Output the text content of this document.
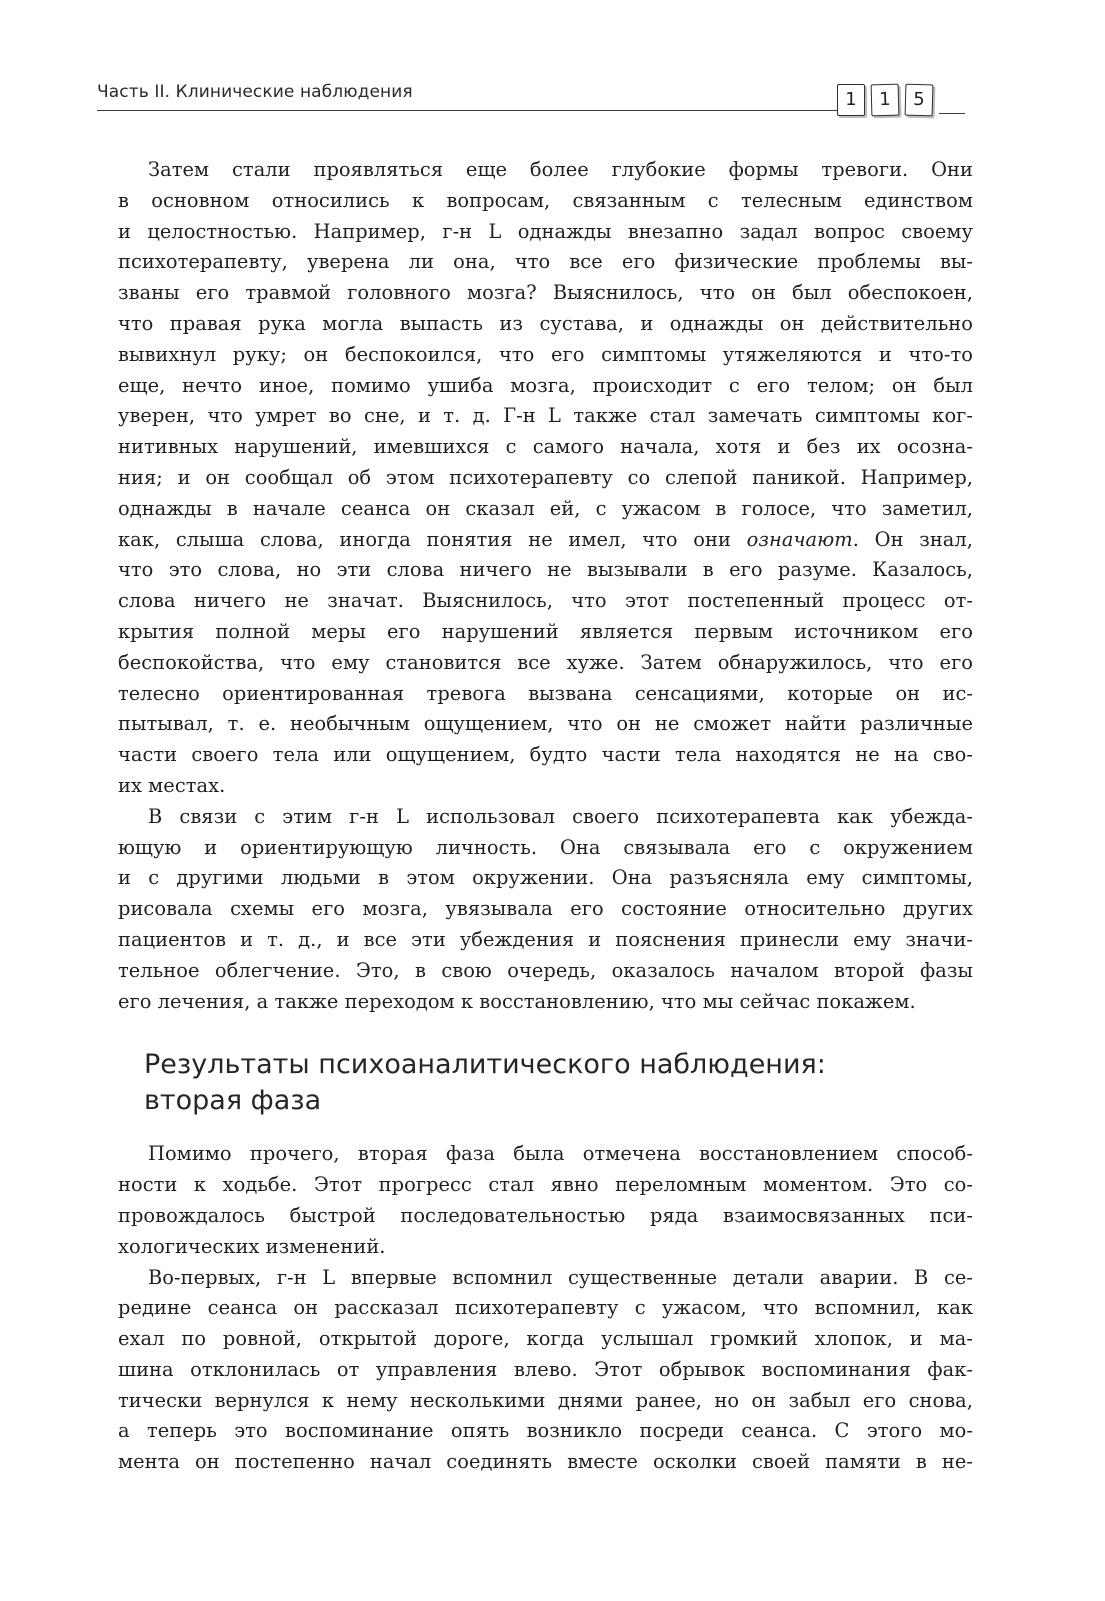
Часть II. Клинические наблюдения	1	1	5

Затем стали проявляться еще более глубокие формы тревоги. Они
в основном относились к вопросам, связанным с телесным единством
и целостностью. Например, г-н L однажды внезапно задал вопрос своему
психотерапевту, уверена ли она, что все его физические проблемы вы-
званы его травмой головного мозга? Выяснилось, что он был обеспокоен,
что правая рука могла выпасть из сустава, и однажды он действительно
вывихнул руку; он беспокоился, что его симптомы утяжеляются и что-то
еще, нечто иное, помимо ушиба мозга, происходит с его телом; он был
уверен, что умрет во сне, и т. д. Г-н L также стал замечать симптомы ког-
нитивных нарушений, имевшихся с самого начала, хотя и без их осозна-
ния; и он сообщал об этом психотерапевту со слепой паникой. Например,
однажды в начале сеанса он сказал ей, с ужасом в голосе, что заметил,
как, слыша слова, иногда понятия не имел, что они означают. Он знал,
что это слова, но эти слова ничего не вызывали в его разуме. Казалось,
слова ничего не значат. Выяснилось, что этот постепенный процесс от-
крытия полной меры его нарушений является первым источником его
беспокойства, что ему становится все хуже. Затем обнаружилось, что его
телесно ориентированная тревога вызвана сенсациями, которые он ис-
пытывал, т. е. необычным ощущением, что он не сможет найти различные
части своего тела или ощущением, будто части тела находятся не на сво-
их местах.

В связи с этим г-н L использовал своего психотерапевта как убежда-
ющую и ориентирующую личность. Она связывала его с окружением
и с другими людьми в этом окружении. Она разъясняла ему симптомы,
рисовала схемы его мозга, увязывала его состояние относительно других
пациентов и т. д., и все эти убеждения и пояснения принесли ему значи-
тельное облегчение. Это, в свою очередь, оказалось началом второй фазы
его лечения, а также переходом к восстановлению, что мы сейчас покажем.

Результаты психоаналитического наблюдения:
вторая фаза

Помимо прочего, вторая фаза была отмечена восстановлением способ-
ности к ходьбе. Этот прогресс стал явно переломным моментом. Это со-
провождалось быстрой последовательностью ряда взаимосвязанных пси-
хологических изменений.

Во-первых, г-н L впервые вспомнил существенные детали аварии. В се-
редине сеанса он рассказал психотерапевту с ужасом, что вспомнил, как
ехал по ровной, открытой дороге, когда услышал громкий хлопок, и ма-
шина отклонилась от управления влево. Этот обрывок воспоминания фак-
тически вернулся к нему несколькими днями ранее, но он забыл его снова,
а теперь это воспоминание опять возникло посреди сеанса. С этого мо-
мента он постепенно начал соединять вместе осколки своей памяти в не-
